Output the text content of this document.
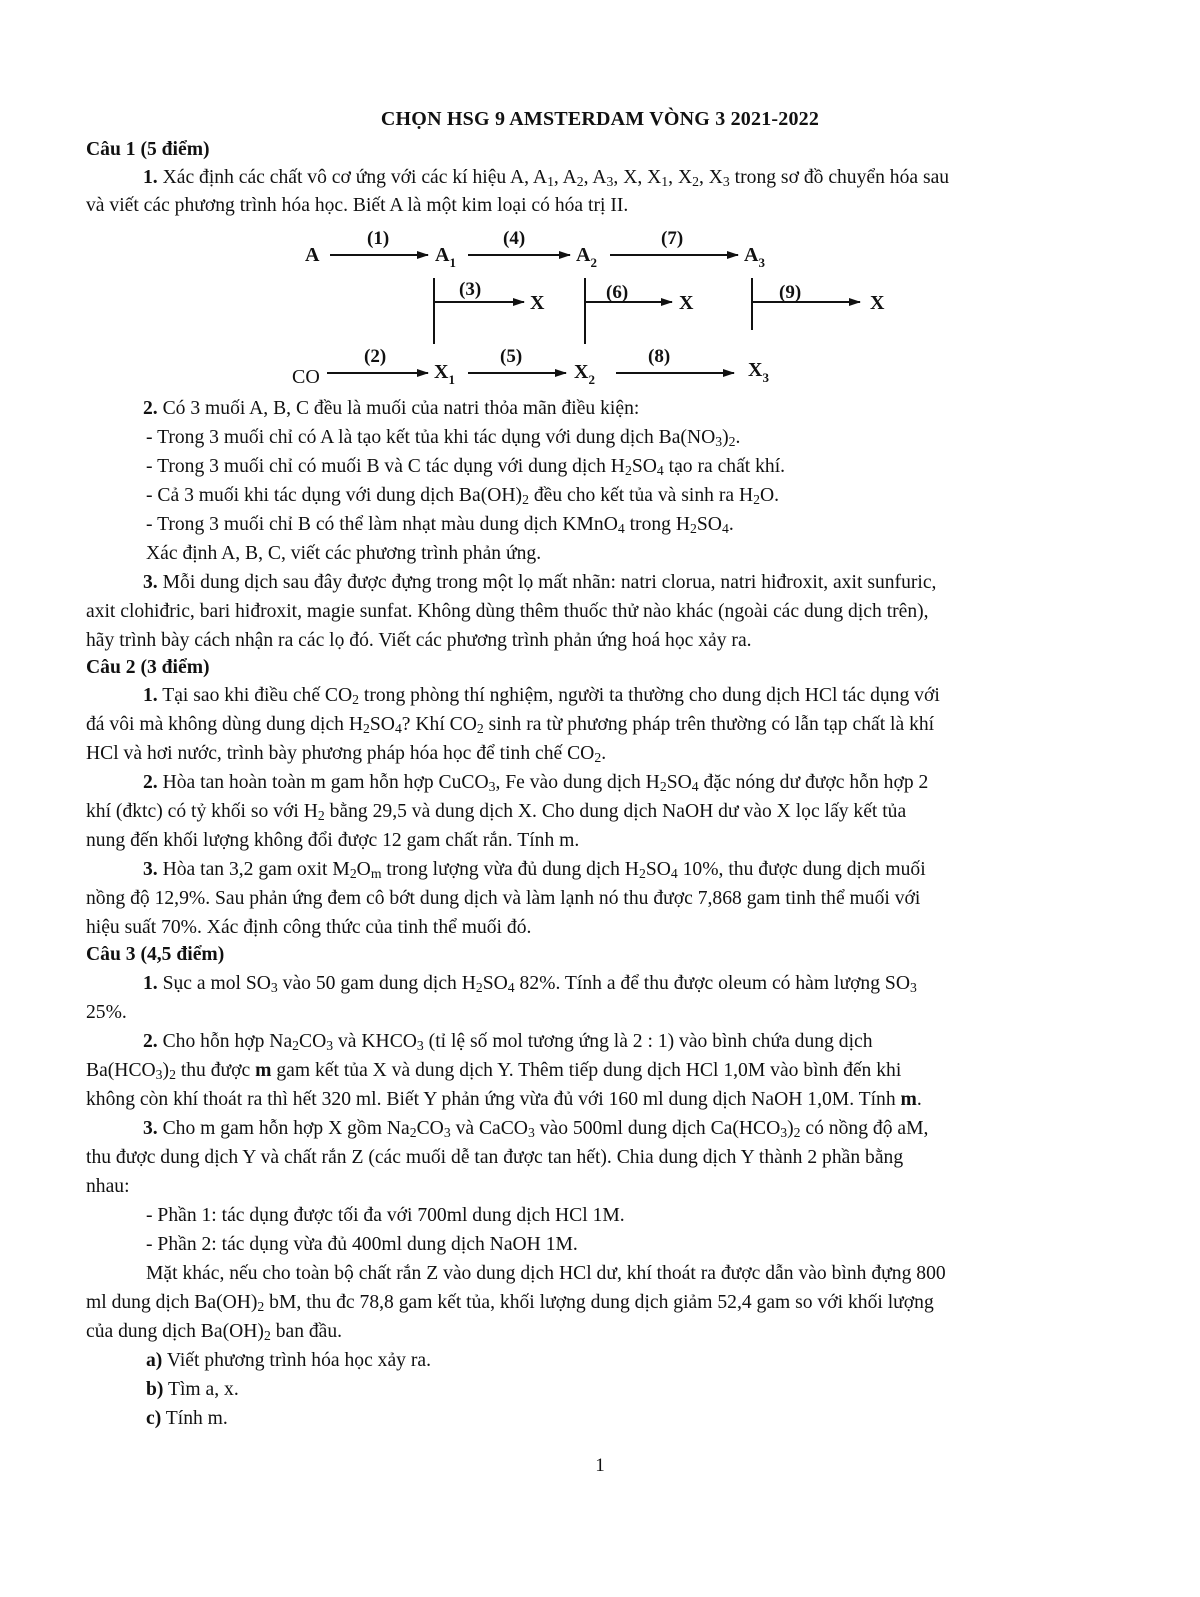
CHỌN HSG 9 AMSTERDAM VÒNG 3 2021-2022
Câu 1 (5 điểm)
1. Xác định các chất vô cơ ứng với các kí hiệu A, $A_1$, $A_2$, $A_3$, X, $X_1$, $X_2$, $X_3$ trong sơ đồ chuyển hóa sau
và viết các phương trình hóa học. Biết A là một kim loại có hóa trị II.
A	$A_1$	$A_2$	$A_3$
(1)	(4)	(7)
(3)	(6)	(9)
X	X	X
CO	$X_1$	$X_2$	$X_3$
(2)	(5)	(8)
2. Có 3 muối A, B, C đều là muối của natri thỏa mãn điều kiện:
- Trong 3 muối chỉ có A là tạo kết tủa khi tác dụng với dung dịch $Ba(NO_3)_2$.
- Trong 3 muối chỉ có muối B và C tác dụng với dung dịch $H_2SO_4$ tạo ra chất khí.
- Cả 3 muối khi tác dụng với dung dịch $Ba(OH)_2$ đều cho kết tủa và sinh ra $H_2O$.
- Trong 3 muối chỉ B có thể làm nhạt màu dung dịch KMnO$_4$ trong $H_2SO_4$.
Xác định A, B, C, viết các phương trình phản ứng.
3. Mỗi dung dịch sau đây được đựng trong một lọ mất nhãn: natri clorua, natri hiđroxit, axit sunfuric,
axit clohiđric, bari hiđroxit, magie sunfat. Không dùng thêm thuốc thử nào khác (ngoài các dung dịch trên),
hãy trình bày cách nhận ra các lọ đó. Viết các phương trình phản ứng hoá học xảy ra.
Câu 2 (3 điểm)
1. Tại sao khi điều chế $CO_2$ trong phòng thí nghiệm, người ta thường cho dung dịch HCl tác dụng với
đá vôi mà không dùng dung dịch $H_2SO_4$? Khí $CO_2$ sinh ra từ phương pháp trên thường có lẫn tạp chất là khí
HCl và hơi nước, trình bày phương pháp hóa học để tinh chế $CO_2$.
2. Hòa tan hoàn toàn m gam hỗn hợp CuCO$_3$, Fe vào dung dịch $H_2SO_4$ đặc nóng dư được hỗn hợp 2
khí (đktc) có tỷ khối so với $H_2$ bằng 29,5 và dung dịch X. Cho dung dịch NaOH dư vào X lọc lấy kết tủa
nung đến khối lượng không đổi được 12 gam chất rắn. Tính m.
3. Hòa tan 3,2 gam oxit $M_2O_m$ trong lượng vừa đủ dung dịch $H_2SO_4$ 10%, thu được dung dịch muối
nồng độ 12,9%. Sau phản ứng đem cô bớt dung dịch và làm lạnh nó thu được 7,868 gam tinh thể muối với
hiệu suất 70%. Xác định công thức của tinh thể muối đó.
Câu 3 (4,5 điểm)
1. Sục a mol $SO_3$ vào 50 gam dung dịch $H_2SO_4$ 82%. Tính a để thu được oleum có hàm lượng $SO_3$
25%.
2. Cho hỗn hợp $Na_2CO_3$ và $KHCO_3$ (tỉ lệ số mol tương ứng là 2 : 1) vào bình chứa dung dịch
$Ba(HCO_3)_2$ thu được m gam kết tủa X và dung dịch Y. Thêm tiếp dung dịch HCl 1,0M vào bình đến khi
không còn khí thoát ra thì hết 320 ml. Biết Y phản ứng vừa đủ với 160 ml dung dịch NaOH 1,0M. Tính m.
3. Cho m gam hỗn hợp X gồm $Na_2CO_3$ và CaCO$_3$ vào 500ml dung dịch $Ca(HCO_3)_2$ có nồng độ aM,
thu được dung dịch Y và chất rắn Z (các muối dễ tan được tan hết). Chia dung dịch Y thành 2 phần bằng
nhau:
- Phần 1: tác dụng được tối đa với 700ml dung dịch HCl 1M.
- Phần 2: tác dụng vừa đủ 400ml dung dịch NaOH 1M.
Mặt khác, nếu cho toàn bộ chất rắn Z vào dung dịch HCl dư, khí thoát ra được dẫn vào bình đựng 800
ml dung dịch $Ba(OH)_2$ bM, thu đc 78,8 gam kết tủa, khối lượng dung dịch giảm 52,4 gam so với khối lượng
của dung dịch $Ba(OH)_2$ ban đầu.
a) Viết phương trình hóa học xảy ra.
b) Tìm a, x.
c) Tính m.
1
